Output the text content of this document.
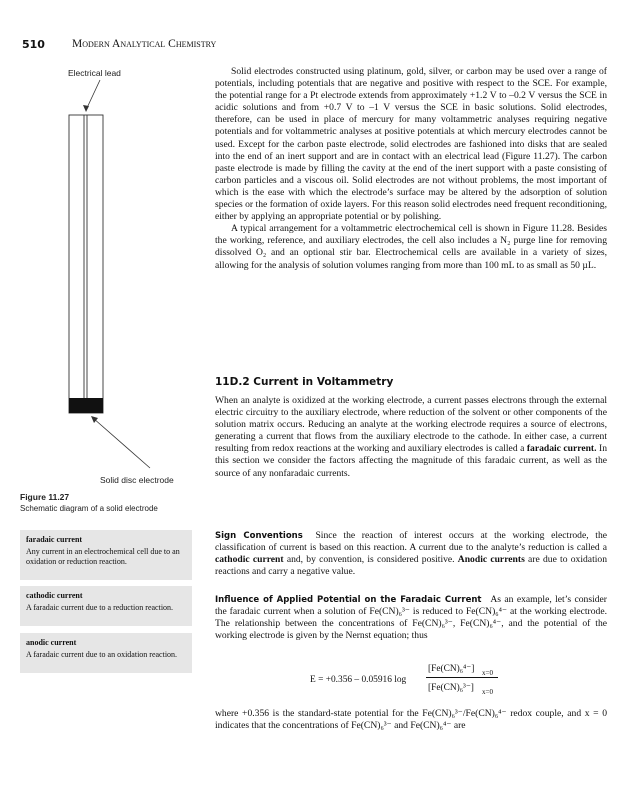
510 Modern Analytical Chemistry
Electrical lead
Solid disc electrode
Figure 11.27
Schematic diagram of a solid electrode
faradaic current
Any current in an electrochemical cell due to an oxidation or reduction reaction.
cathodic current
A faradaic current due to a reduction reaction.
anodic current
A faradaic current due to an oxidation reaction.

Solid electrodes constructed using platinum, gold, silver, or carbon may be used over a range of potentials, including potentials that are negative and positive with respect to the SCE. For example, the potential range for a Pt electrode extends from approximately +1.2 V to –0.2 V versus the SCE in acidic solutions and from +0.7 V to –1 V versus the SCE in basic solutions. Solid electrodes, therefore, can be used in place of mercury for many voltammetric analyses requiring negative potentials and for voltammetric analyses at positive potentials at which mercury electrodes cannot be used. Except for the carbon paste electrode, solid electrodes are fashioned into disks that are sealed into the end of an inert support and are in contact with an electrical lead (Figure 11.27). The carbon paste electrode is made by filling the cavity at the end of the inert support with a paste consisting of carbon particles and a viscous oil. Solid electrodes are not without problems, the most important of which is the ease with which the electrode’s surface may be altered by the adsorption of solution species or the formation of oxide layers. For this reason solid electrodes need frequent reconditioning, either by applying an appropriate potential or by polishing.

A typical arrangement for a voltammetric electrochemical cell is shown in Figure 11.28. Besides the working, reference, and auxiliary electrodes, the cell also includes a N₂ purge line for removing dissolved O₂ and an optional stir bar. Electrochemical cells are available in a variety of sizes, allowing for the analysis of solution volumes ranging from more than 100 mL to as small as 50 µL.

11D.2 Current in Voltammetry

When an analyte is oxidized at the working electrode, a current passes electrons through the external electric circuitry to the auxiliary electrode, where reduction of the solvent or other components of the solution matrix occurs. Reducing an analyte at the working electrode requires a source of electrons, generating a current that flows from the auxiliary electrode to the cathode. In either case, a current resulting from redox reactions at the working and auxiliary electrodes is called a faradaic current. In this section we consider the factors affecting the magnitude of this faradaic current, as well as the source of any nonfaradaic currents.

Sign Conventions Since the reaction of interest occurs at the working electrode, the classification of current is based on this reaction. A current due to the analyte’s reduction is called a cathodic current and, by convention, is considered positive. Anodic currents are due to oxidation reactions and carry a negative value.

Influence of Applied Potential on the Faradaic Current As an example, let’s consider the faradaic current when a solution of Fe(CN)₆³⁻ is reduced to Fe(CN)₆⁴⁻ at the working electrode. The relationship between the concentrations of Fe(CN)₆³⁻, Fe(CN)₆⁴⁻, and the potential of the working electrode is given by the Nernst equation; thus

E = +0.356 – 0.05916 log
[Fe(CN)₆⁴⁻] x=0
[Fe(CN)₆³⁻] x=0

where +0.356 is the standard-state potential for the Fe(CN)₆³⁻/Fe(CN)₆⁴⁻ redox couple, and x = 0 indicates that the concentrations of Fe(CN)₆³⁻ and Fe(CN)₆⁴⁻ are
